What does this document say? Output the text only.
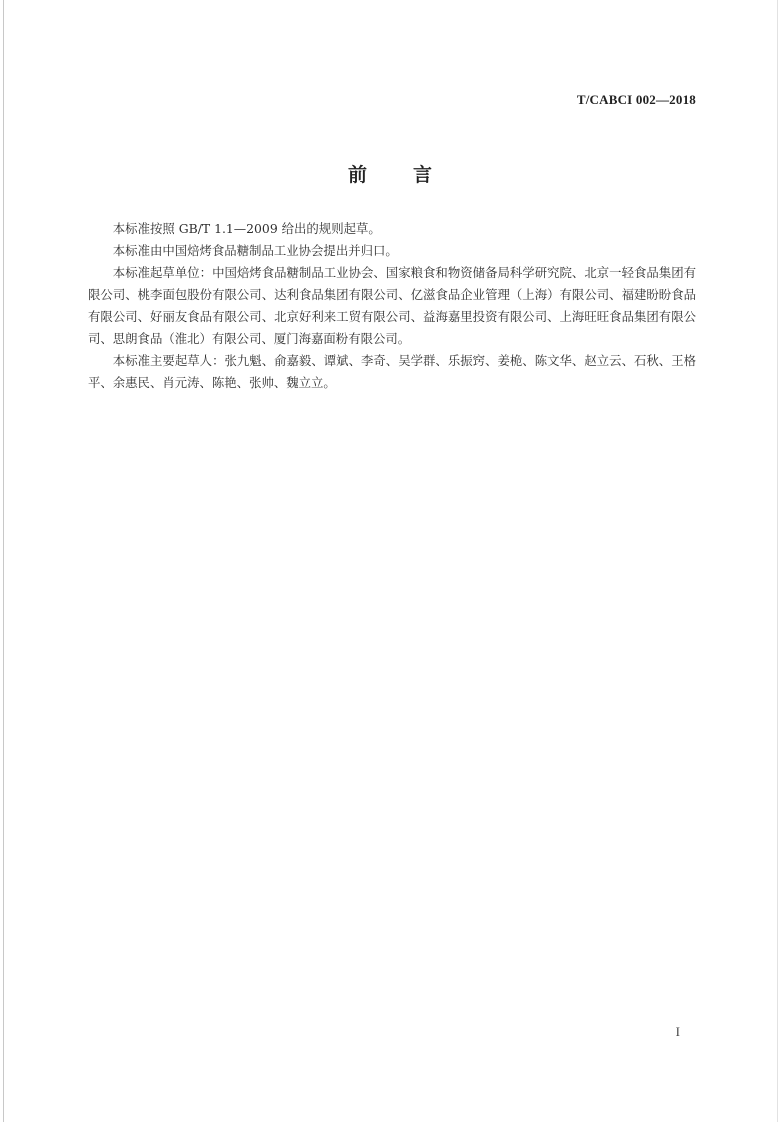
T/CABCI 002—2018
前 言

本标准按照 GB/T 1.1—2009 给出的规则起草。

本标准由中国焙烤食品糖制品工业协会提出并归口。

本标准起草单位：中国焙烤食品糖制品工业协会、国家粮食和物资储备局科学研究院、北京一轻食品集团有限公司、桃李面包股份有限公司、达利食品集团有限公司、亿滋食品企业管理（上海）有限公司、福建盼盼食品有限公司、好丽友食品有限公司、北京好利来工贸有限公司、益海嘉里投资有限公司、上海旺旺食品集团有限公司、思朗食品（淮北）有限公司、厦门海嘉面粉有限公司。

本标准主要起草人：张九魁、俞嘉毅、谭斌、李奇、吴学群、乐振窍、姜桅、陈文华、赵立云、石秋、王格平、余惠民、肖元涛、陈艳、张帅、魏立立。

I
